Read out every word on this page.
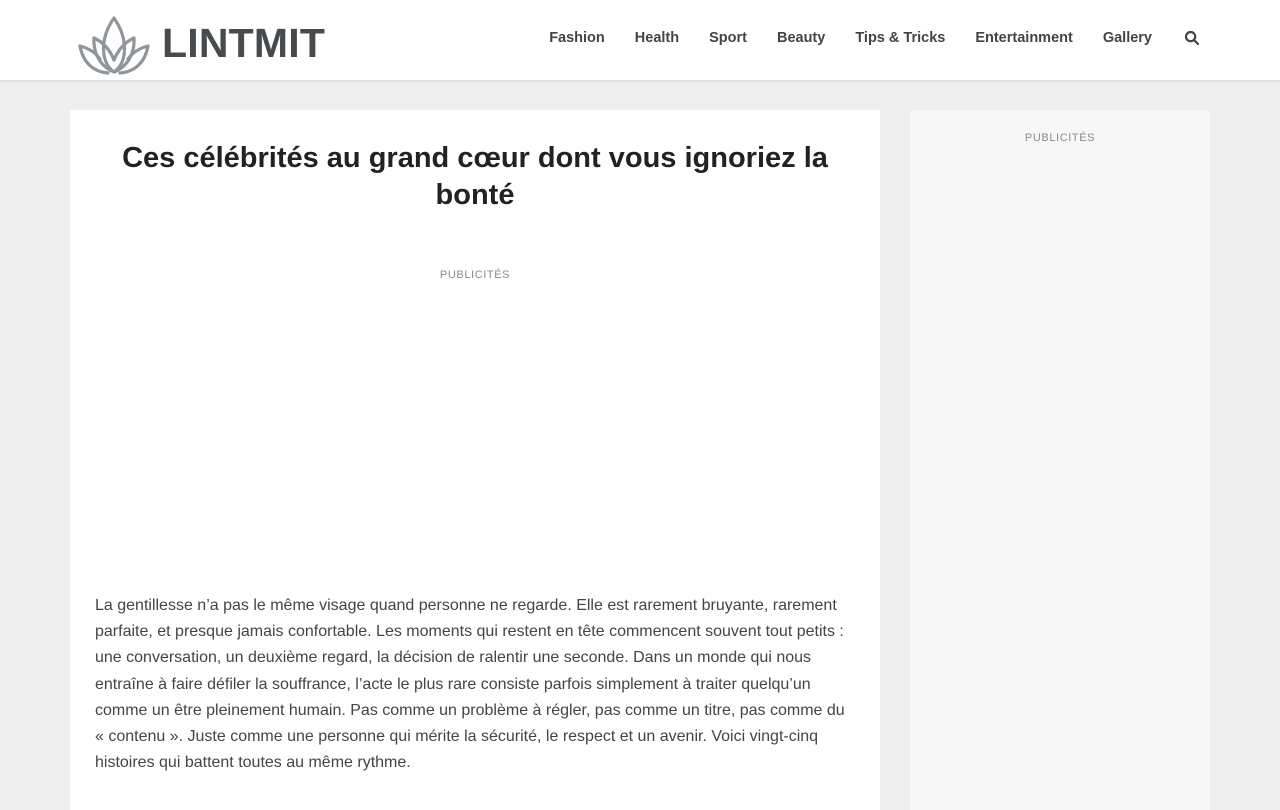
LINTMIT	Fashion Health Sport Beauty Tips & Tricks Entertainment Gallery
Ces célébrités au grand cœur dont vous ignoriez la bonté
PUBLICITÉS

La gentillesse n’a pas le même visage quand personne ne regarde. Elle est rarement bruyante, rarement parfaite, et presque jamais confortable. Les moments qui restent en tête commencent souvent tout petits : une conversation, un deuxième regard, la décision de ralentir une seconde. Dans un monde qui nous entraîne à faire défiler la souffrance, l’acte le plus rare consiste parfois simplement à traiter quelqu’un comme un être pleinement humain. Pas comme un problème à régler, pas comme un titre, pas comme du « contenu ». Juste comme une personne qui mérite la sécurité, le respect et un avenir. Voici vingt-cinq histoires qui battent toutes au même rythme.

PUBLICITÉS
